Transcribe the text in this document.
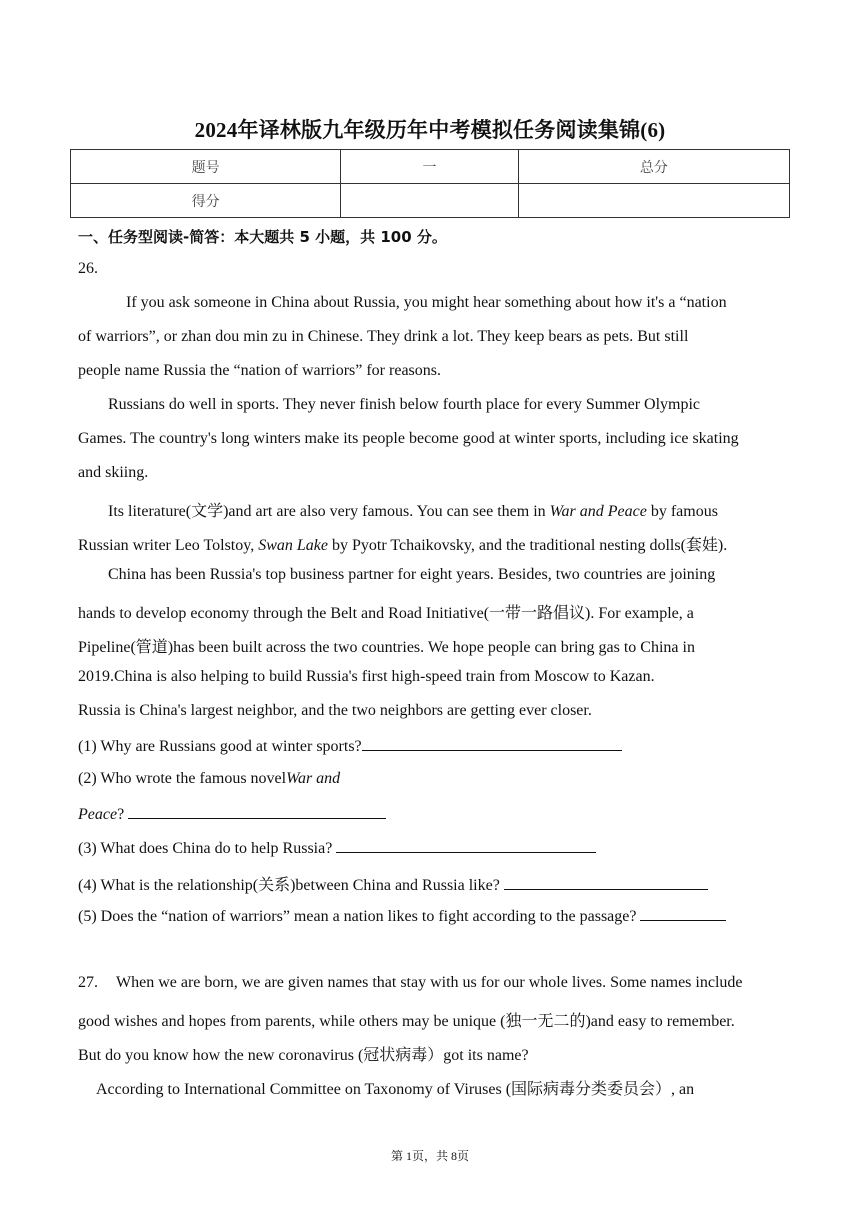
2024年译林版九年级历年中考模拟任务阅读集锦(6)
题号	一	总分
得分		
一、任务型阅读-简答：本大题共 5 小题，共 100 分。
26.
If you ask someone in China about Russia, you might hear something about how it's a “nation
of warriors”, or zhan dou min zu in Chinese. They drink a lot. They keep bears as pets. But still
people name Russia the “nation of warriors” for reasons.
Russians do well in sports. They never finish below fourth place for every Summer Olympic
Games. The country's long winters make its people become good at winter sports, including ice skating
and skiing.
Its literature(文学)and art are also very famous. You can see them in War and Peace by famous
Russian writer Leo Tolstoy, Swan Lake by Pyotr Tchaikovsky, and the traditional nesting dolls(套娃).
China has been Russia's top business partner for eight years. Besides, two countries are joining
hands to develop economy through the Belt and Road Initiative(一带一路倡议). For example, a
Pipeline(管道)has been built across the two countries. We hope people can bring gas to China in
2019.China is also helping to build Russia's first high-speed train from Moscow to Kazan.
Russia is China's largest neighbor, and the two neighbors are getting ever closer.
(1) Why are Russians good at winter sports?
(2) Who wrote the famous novelWar and
Peace?
(3) What does China do to help Russia?
(4) What is the relationship(关系)between China and Russia like?
(5) Does the “nation of warriors” mean a nation likes to fight according to the passage?
27. When we are born, we are given names that stay with us for our whole lives. Some names include
good wishes and hopes from parents, while others may be unique (独一无二的)and easy to remember.
But do you know how the new coronavirus (冠状病毒）got its name?
According to International Committee on Taxonomy of Viruses (国际病毒分类委员会）, an
第 1页，共 8页
